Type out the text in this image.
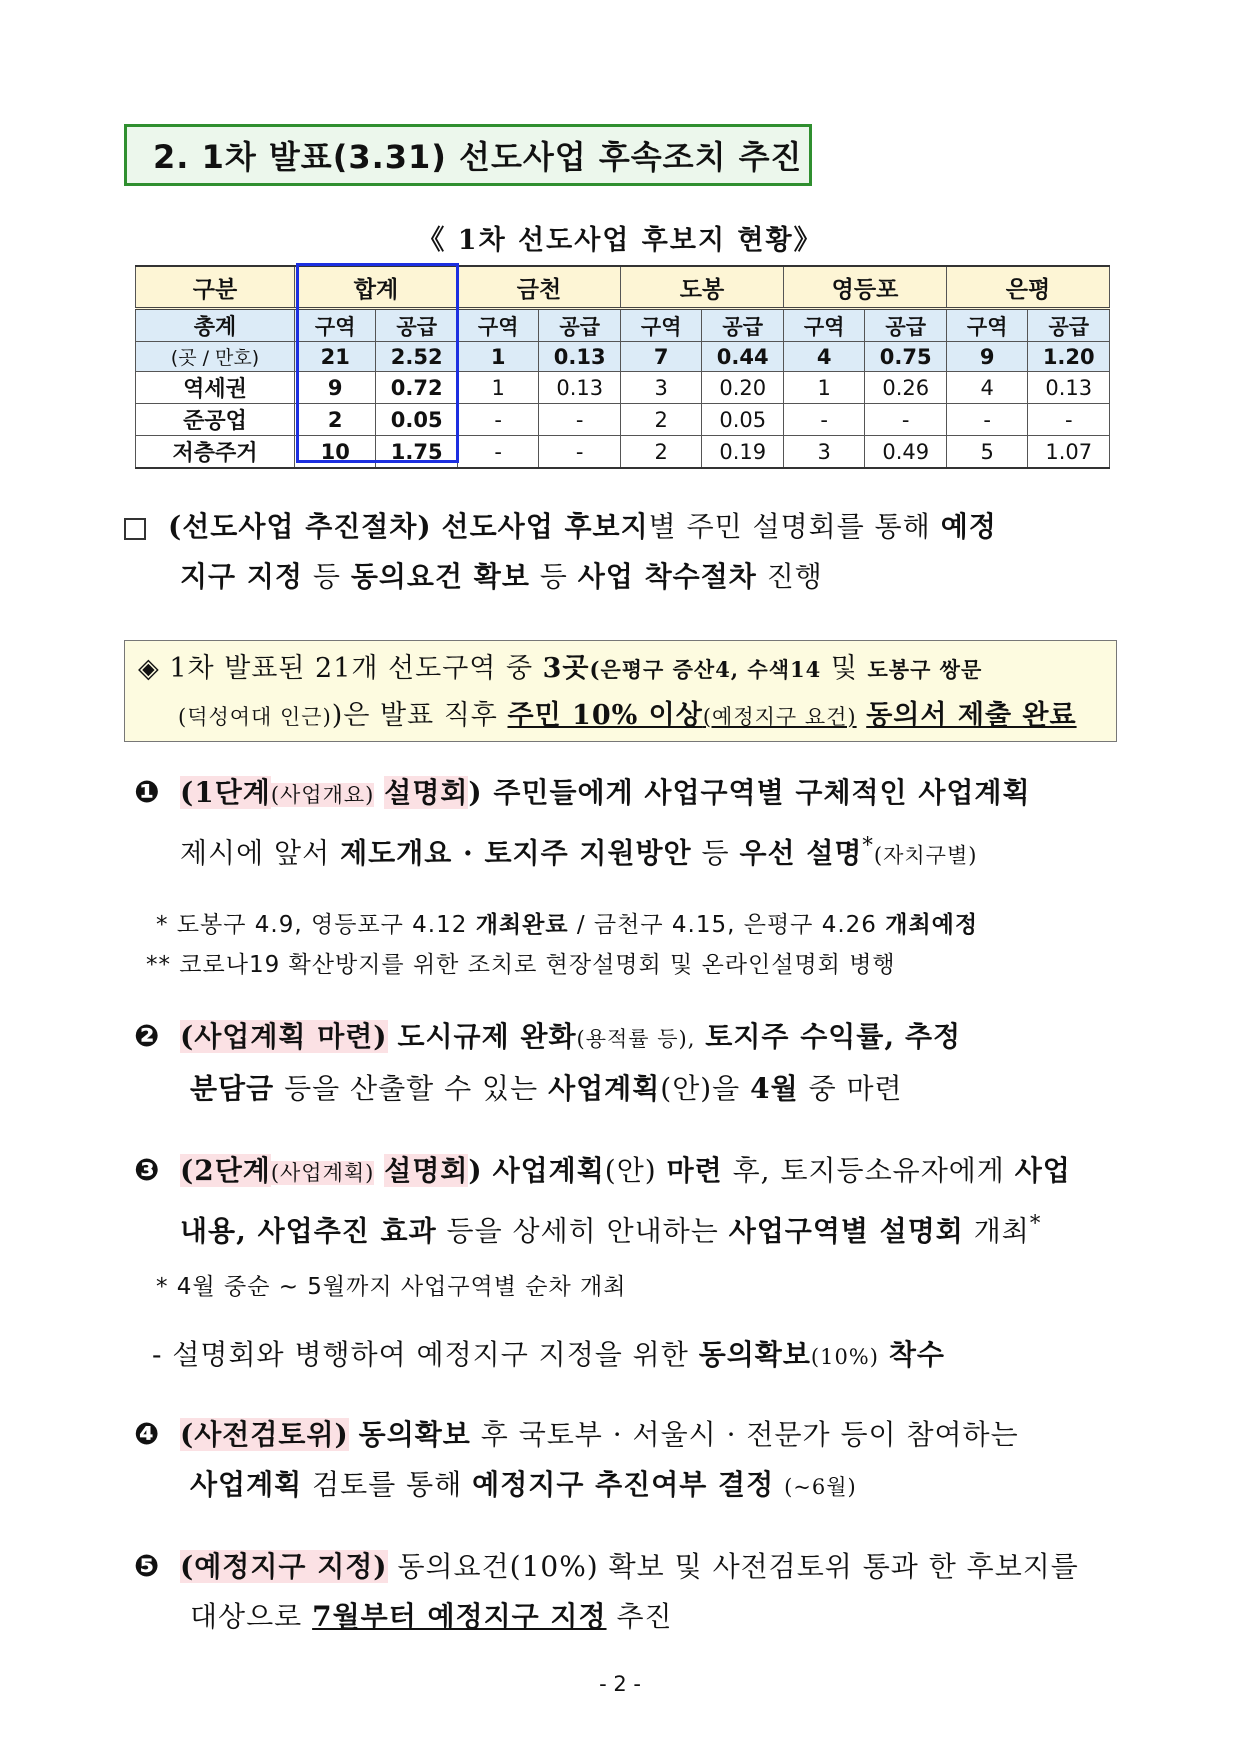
2. 1차 발표(3.31) 선도사업 후속조치 추진
《 1차 선도사업 후보지 현황》
구분	합계		금천		도봉		영등포		은평	
총계	구역	공급	구역	공급	구역	공급	구역	공급	구역	공급
(곳 / 만호)	21	2.52	1	0.13	7	0.44	4	0.75	9	1.20
역세권	9	0.72	1	0.13	3	0.20	1	0.26	4	0.13
준공업	2	0.05	-	-	2	0.05	-	-	-	-
저층주거	10	1.75	-	-	2	0.19	3	0.49	5	1.07
(선도사업 추진절차) 선도사업 후보지별 주민 설명회를 통해 예정
지구 지정 등 동의요건 확보 등 사업 착수절차 진행
◈ 1차 발표된 21개 선도구역 중 3곳(은평구 증산4, 수색14 및 도봉구 쌍문
(덕성여대 인근))은 발표 직후 주민 10% 이상(예정지구 요건) 동의서 제출 완료
❶ (1단계(사업개요) 설명회) 주민들에게 사업구역별 구체적인 사업계획
제시에 앞서 제도개요 · 토지주 지원방안 등 우선 설명*(자치구별)
* 도봉구 4.9, 영등포구 4.12 개최완료 / 금천구 4.15, 은평구 4.26 개최예정
** 코로나19 확산방지를 위한 조치로 현장설명회 및 온라인설명회 병행
❷ (사업계획 마련) 도시규제 완화(용적률 등), 토지주 수익률, 추정
분담금 등을 산출할 수 있는 사업계획(안)을 4월 중 마련
❸ (2단계(사업계획) 설명회) 사업계획(안) 마련 후, 토지등소유자에게 사업
내용, 사업추진 효과 등을 상세히 안내하는 사업구역별 설명회 개최*
* 4월 중순 ~ 5월까지 사업구역별 순차 개최
- 설명회와 병행하여 예정지구 지정을 위한 동의확보(10%) 착수
❹ (사전검토위) 동의확보 후 국토부 · 서울시 · 전문가 등이 참여하는
사업계획 검토를 통해 예정지구 추진여부 결정 (~6월)
❺ (예정지구 지정) 동의요건(10%) 확보 및 사전검토위 통과 한 후보지를
대상으로 7월부터 예정지구 지정 추진
- 2 -
